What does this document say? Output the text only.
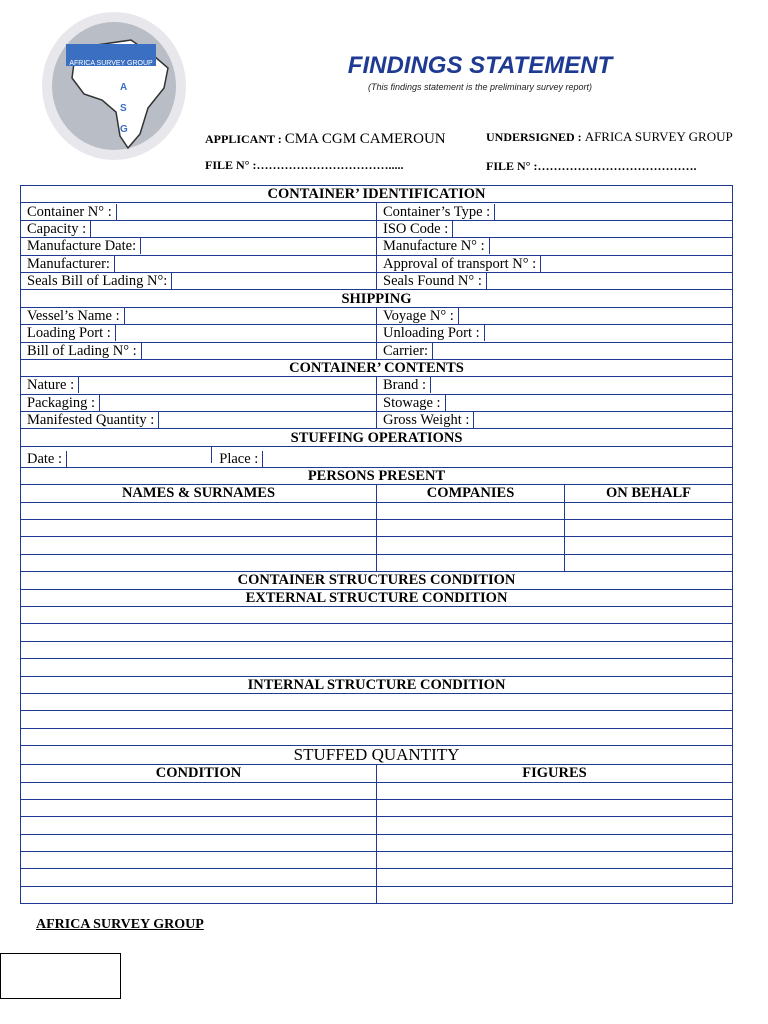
AFRICA SURVEY GROUP
A
S
G
FINDINGS STATEMENT
(This findings statement is the preliminary survey report)
APPLICANT : CMA CGM CAMEROUN	UNDERSIGNED : AFRICA SURVEY GROUP
FILE N° :…………………………….....	FILE N° :………………………………….
CONTAINER’ IDENTIFICATION		
Container N° :	Container’s Type :	
Capacity :	ISO Code :	
Manufacture Date:	Manufacture N° :	
Manufacturer:	Approval of transport N° :	
Seals Bill of Lading N°:	Seals Found N° :	
SHIPPING		
Vessel’s Name :	Voyage N° :	
Loading Port :	Unloading Port :	
Bill of Lading N° :	Carrier:	
CONTAINER’ CONTENTS		
Nature :	Brand :	
Packaging :	Stowage :	
Manifested Quantity :	Gross Weight :	
STUFFING OPERATIONS		
Date : Place :		
PERSONS PRESENT		
NAMES & SURNAMES	COMPANIES	ON BEHALF

CONTAINER STRUCTURES CONDITION		
EXTERNAL STRUCTURE CONDITION		

INTERNAL STRUCTURE CONDITION		

STUFFED QUANTITY		
CONDITION	FIGURES	

AFRICA SURVEY GROUP
